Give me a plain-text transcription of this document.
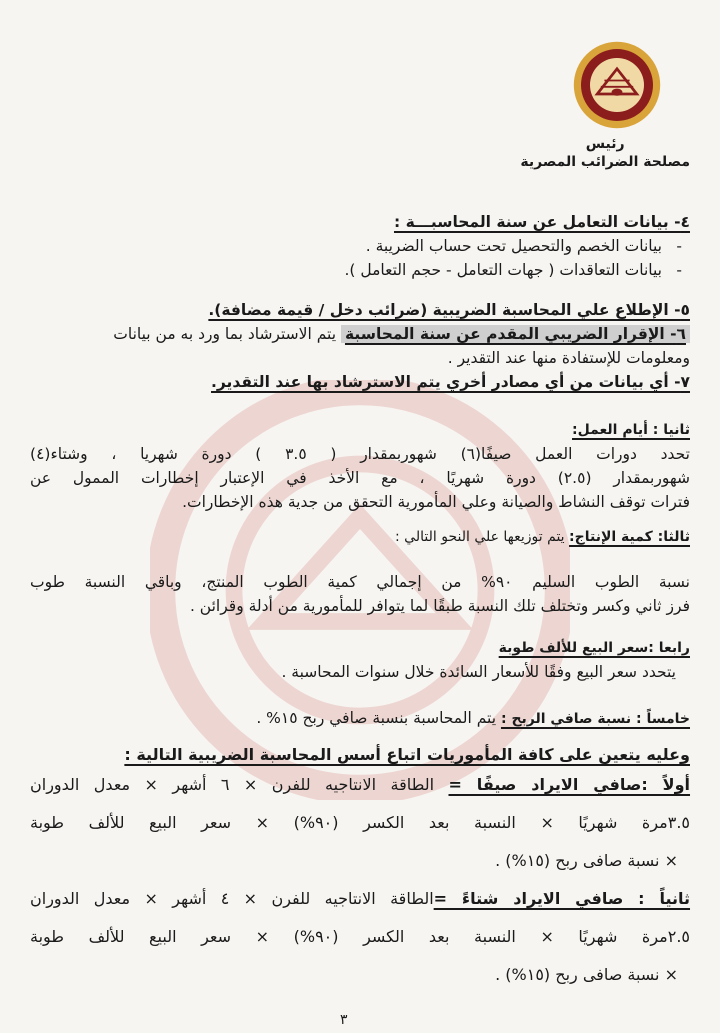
رئيس
مصلحة الضرائب المصرية
٤- بيانات التعامل عن سنة المحاسبـــة :
- بيانات الخصم والتحصيل تحت حساب الضريبة .
- بيانات التعاقدات ( جهات التعامل - حجم التعامل ).
٥- الإطلاع علي المحاسبة الضريبية (ضرائب دخل / قيمة مضافة).
٦- الإقرار الضريبي المقدم عن سنة المحاسبة يتم الاسترشاد بما ورد به من بيانات
ومعلومات للإستفادة منها عند التقدير .
٧- أي بيانات من أي مصادر أخري يتم الاسترشاد بها عند التقدير.
ثانيا : أيام العمل:
تحدد دورات العمل صيفًا(٦) شهوربمقدار ( ٣.٥ ) دورة شهريا ، وشتاء(٤)
شهوربمقدار (٢.٥) دورة شهريًا ، مع الأخذ في الإعتبار إخطارات الممول عن
فترات توقف النشاط والصيانة وعلي المأمورية التحقق من جدية هذه الإخطارات.
ثالثا: كمية الإنتاج: يتم توزيعها علي النحو التالي :
نسبة الطوب السليم ٩٠% من إجمالي كمية الطوب المنتج، وباقي النسبة طوب
فرز ثاني وكسر وتختلف تلك النسبة طبقًا لما يتوافر للمأمورية من أدلة وقرائن .
رابعا :سعر البيع للألف طوبة
يتحدد سعر البيع وفقًا للأسعار السائدة خلال سنوات المحاسبة .
خامساً : نسبة صافي الربح : يتم المحاسبة بنسبة صافي ربح ١٥% .
وعليه يتعين على كافة المأموريات اتباع أسس المحاسبة الضريبية التالية :
أولاً :صافي الايراد صيفًا = الطاقة الانتاجيه للفرن × ٦ أشهر × معدل الدوران
٣.٥مرة شهريًا × النسبة بعد الكسر (٩٠%) × سعر البيع للألف طوبة
× نسبة صافى ربح (١٥%) .
ثانياً : صافي الايراد شتاءً =الطاقة الانتاجيه للفرن × ٤ أشهر × معدل الدوران
٢.٥مرة شهريًا × النسبة بعد الكسر (٩٠%) × سعر البيع للألف طوبة
× نسبة صافى ربح (١٥%) .
٣
